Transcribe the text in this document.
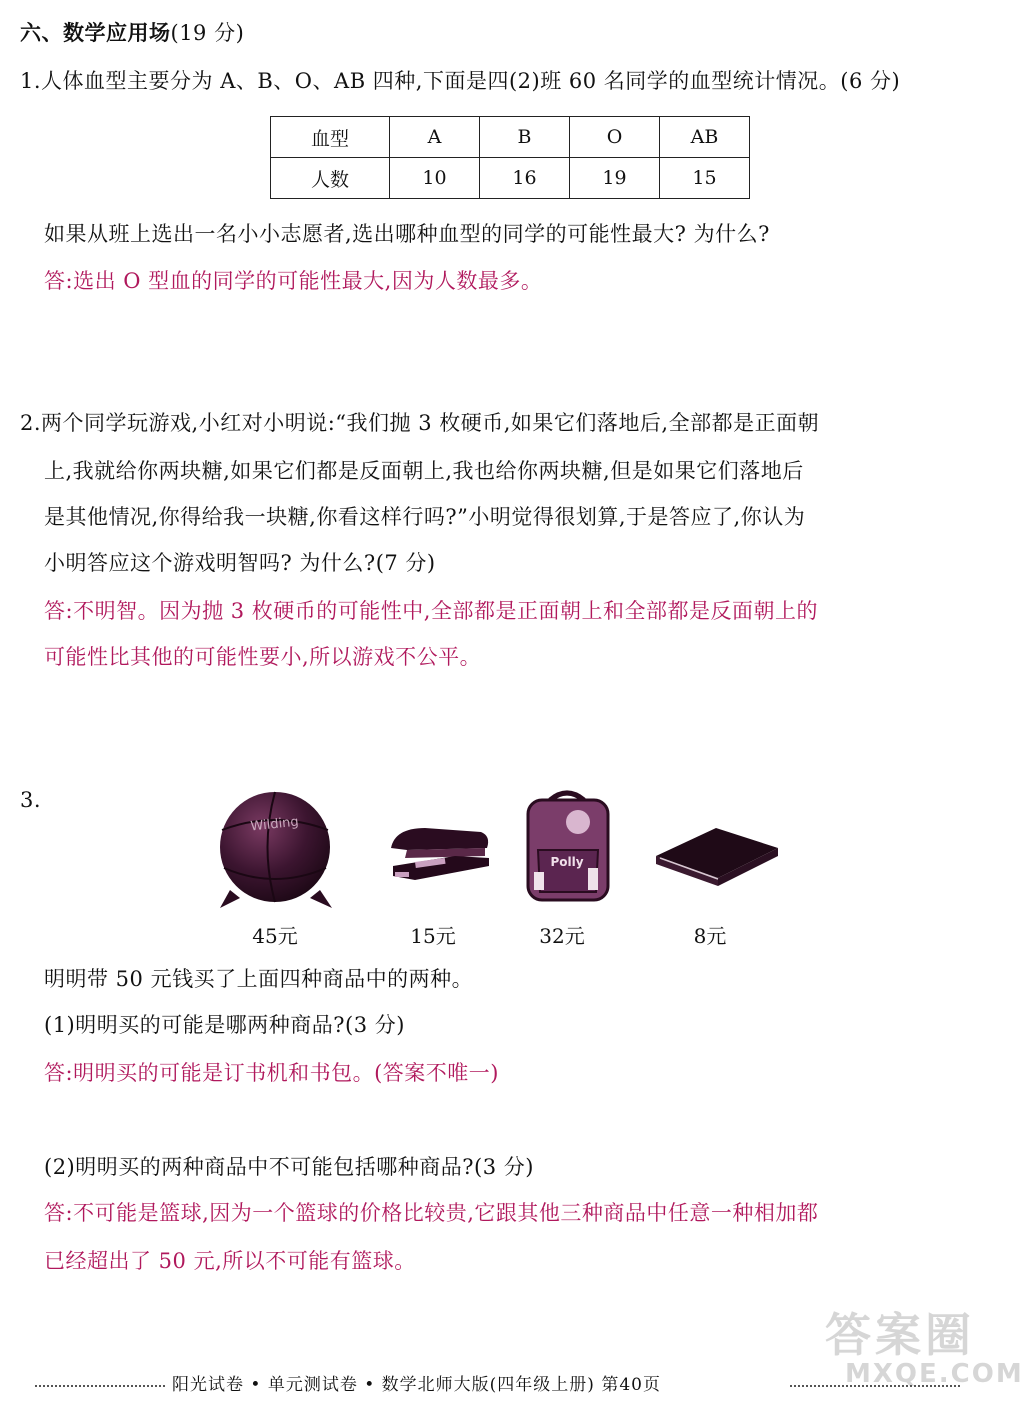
六、数学应用场(19 分)
1.人体血型主要分为 A、B、O、AB 四种,下面是四(2)班 60 名同学的血型统计情况。(6 分)
血型	A	B	O	AB
人数	10	16	19	15
如果从班上选出一名小小志愿者,选出哪种血型的同学的可能性最大? 为什么?
答:选出 O 型血的同学的可能性最大,因为人数最多。
2.两个同学玩游戏,小红对小明说:“我们抛 3 枚硬币,如果它们落地后,全部都是正面朝
上,我就给你两块糖,如果它们都是反面朝上,我也给你两块糖,但是如果它们落地后
是其他情况,你得给我一块糖,你看这样行吗?”小明觉得很划算,于是答应了,你认为
小明答应这个游戏明智吗? 为什么?(7 分)
答:不明智。因为抛 3 枚硬币的可能性中,全部都是正面朝上和全部都是反面朝上的
可能性比其他的可能性要小,所以游戏不公平。
3.
Wilding
Polly
45元	15元	32元	8元
明明带 50 元钱买了上面四种商品中的两种。
(1)明明买的可能是哪两种商品?(3 分)
答:明明买的可能是订书机和书包。(答案不唯一)
(2)明明买的两种商品中不可能包括哪种商品?(3 分)
答:不可能是篮球,因为一个篮球的价格比较贵,它跟其他三种商品中任意一种相加都
已经超出了 50 元,所以不可能有篮球。
答案圈
MXQE.COM
阳光试卷 • 单元测试卷 • 数学北师大版(四年级上册) 第40页
